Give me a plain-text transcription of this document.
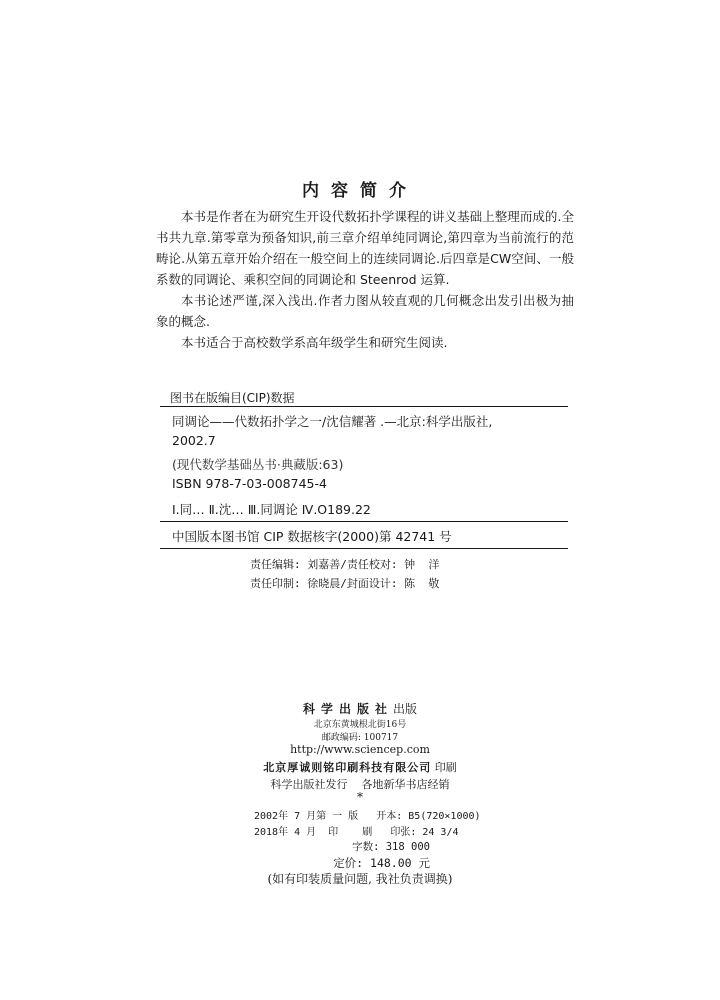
内容简介

本书是作者在为研究生开设代数拓扑学课程的讲义基础上整理而成的.全书共九章.第零章为预备知识,前三章介绍单纯同调论,第四章为当前流行的范畴论.从第五章开始介绍在一般空间上的连续同调论.后四章是CW空间、一般系数的同调论、乘积空间的同调论和 Steenrod 运算.

本书论述严谨,深入浅出.作者力图从较直观的几何概念出发引出极为抽象的概念.

本书适合于高校数学系高年级学生和研究生阅读.

图书在版编目(CIP)数据
同调论——代数拓扑学之一/沈信耀著 .—北京:科学出版社,
2002.7
(现代数学基础丛书·典藏版:63)
ISBN 978-7-03-008745-4
Ⅰ.同… Ⅱ.沈… Ⅲ.同调论 Ⅳ.O189.22
中国版本图书馆 CIP 数据核字(2000)第 42741 号
责任编辑: 刘嘉善/责任校对: 钟  洋
责任印制: 徐晓晨/封面设计: 陈  敬
科学出版社出版
北京东黄城根北街16号
邮政编码: 100717
http://www.sciencep.com
北京厚诚则铭印刷科技有限公司 印刷
科学出版社发行    各地新华书店经销
*
2002年 7 月第 一 版   开本: B5(720×1000)
2018年 4 月  印    刷   印张: 24 3/4
字数: 318 000
定价: 148.00 元
(如有印装质量问题, 我社负责调换)
